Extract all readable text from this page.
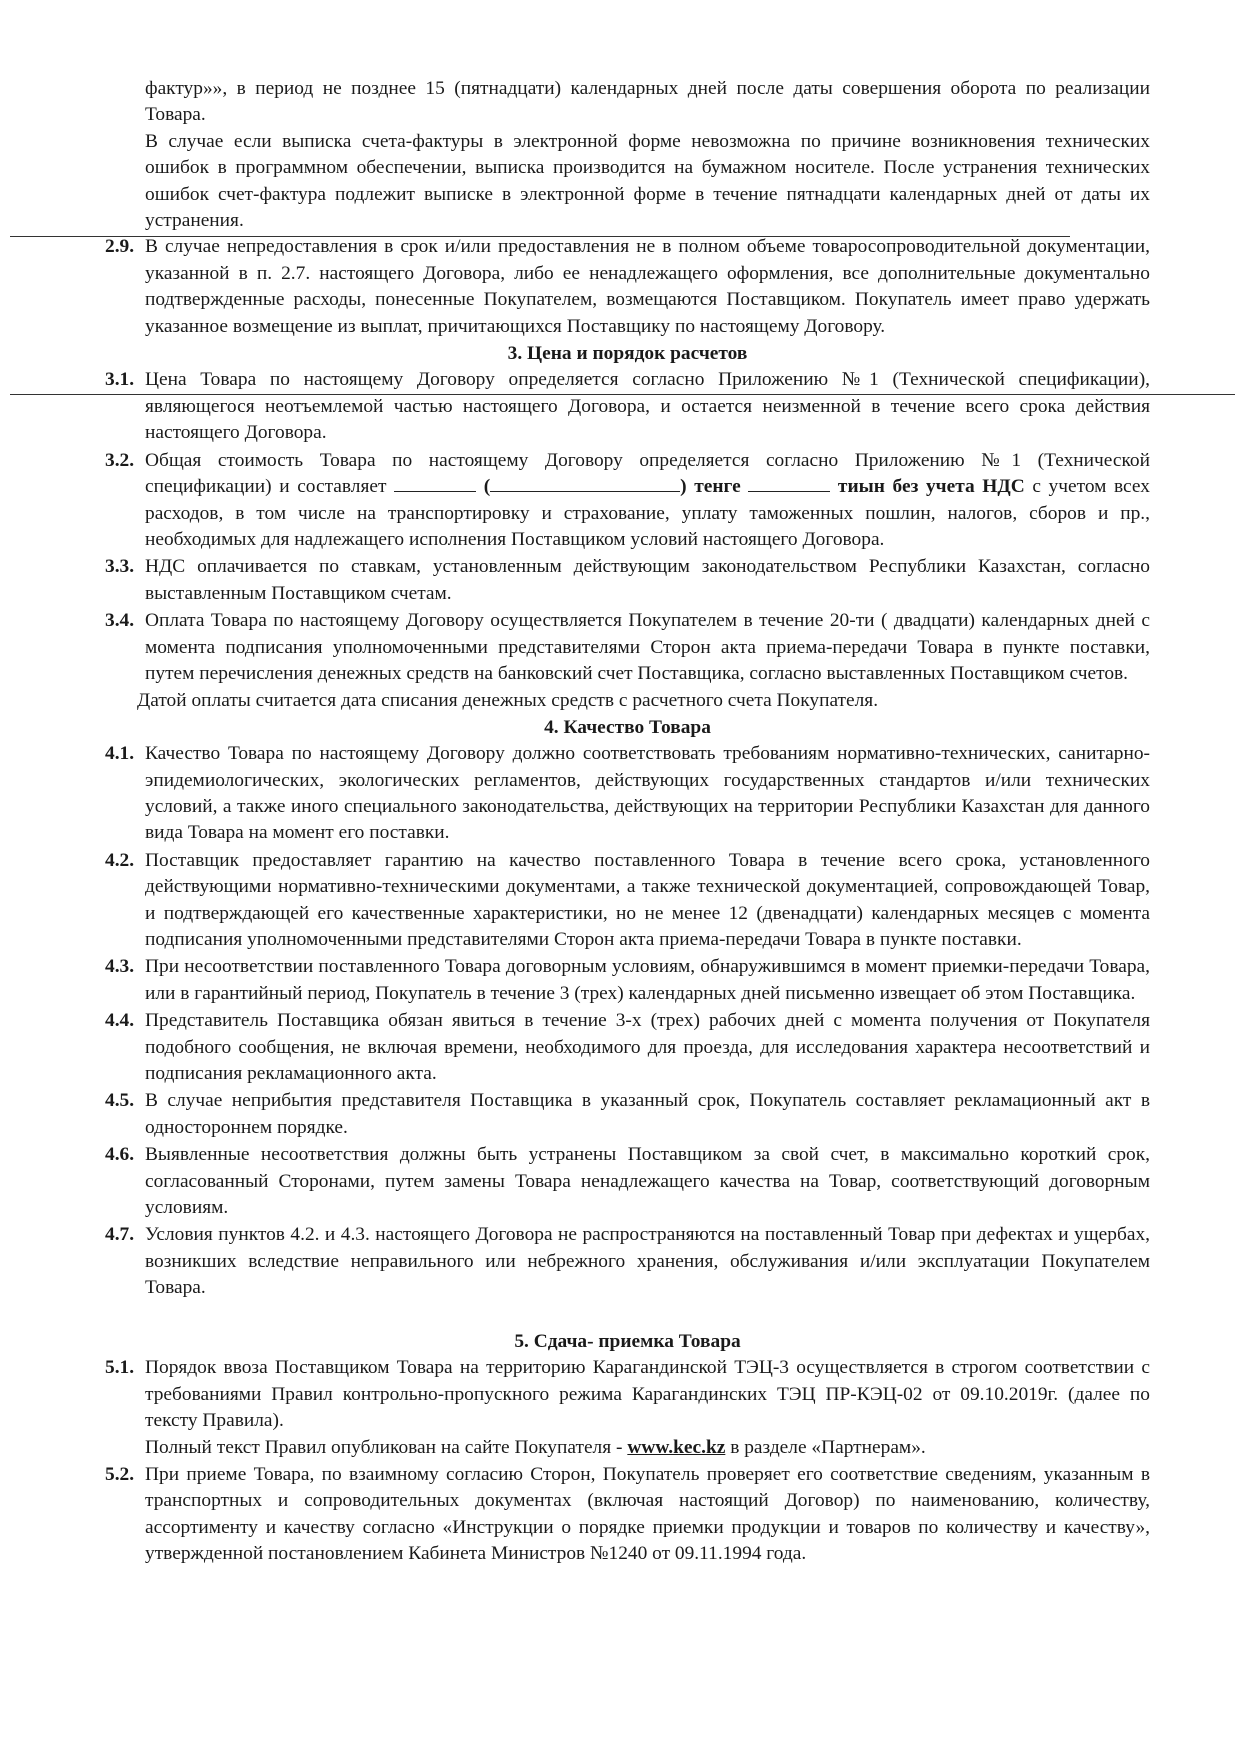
фактур»», в период не позднее 15 (пятнадцати) календарных дней после даты совершения оборота по реализации Товара.

В случае если выписка счета-фактуры в электронной форме невозможна по причине возникновения технических ошибок в программном обеспечении, выписка производится на бумажном носителе. После устранения технических ошибок счет-фактура подлежит выписке в электронной форме в течение пятнадцати календарных дней от даты их устранения.

2.9. В случае непредоставления в срок и/или предоставления не в полном объеме товаросопроводительной документации, указанной в п. 2.7. настоящего Договора, либо ее ненадлежащего оформления, все дополнительные документально подтвержденные расходы, понесенные Покупателем, возмещаются Поставщиком. Покупатель имеет право удержать указанное возмещение из выплат, причитающихся Поставщику по настоящему Договору.

3. Цена и порядок расчетов

3.1. Цена Товара по настоящему Договору определяется согласно Приложению №1 (Технической спецификации), являющегося неотъемлемой частью настоящего Договора, и остается неизменной в течение всего срока действия настоящего Договора.

3.2. Общая стоимость Товара по настоящему Договору определяется согласно Приложению №1 (Технической спецификации) и составляет	(	) тенге	тиын без учета НДС с учетом всех расходов, в том числе на транспортировку и страхование, уплату таможенных пошлин, налогов, сборов и пр., необходимых для надлежащего исполнения Поставщиком условий настоящего Договора.

3.3. НДС оплачивается по ставкам, установленным действующим законодательством Республики Казахстан, согласно выставленным Поставщиком счетам.

3.4. Оплата Товара по настоящему Договору осуществляется Покупателем в течение 20-ти ( двадцати) календарных дней с момента подписания уполномоченными представителями Сторон акта приема-передачи Товара в пункте поставки, путем перечисления денежных средств на банковский счет Поставщика, согласно выставленных Поставщиком счетов.

Датой оплаты считается дата списания денежных средств с расчетного счета Покупателя.

4. Качество Товара

4.1. Качество Товара по настоящему Договору должно соответствовать требованиям нормативно-технических, санитарно-эпидемиологических, экологических регламентов, действующих государственных стандартов и/или технических условий, а также иного специального законодательства, действующих на территории Республики Казахстан для данного вида Товара на момент его поставки.

4.2. Поставщик предоставляет гарантию на качество поставленного Товара в течение всего срока, установленного действующими нормативно-техническими документами, а также технической документацией, сопровождающей Товар, и подтверждающей его качественные характеристики, но не менее 12 (двенадцати) календарных месяцев с момента подписания уполномоченными представителями Сторон акта приема-передачи Товара в пункте поставки.

4.3. При несоответствии поставленного Товара договорным условиям, обнаружившимся в момент приемки-передачи Товара, или в гарантийный период, Покупатель в течение 3 (трех) календарных дней письменно извещает об этом Поставщика.

4.4. Представитель Поставщика обязан явиться в течение 3-х (трех) рабочих дней с момента получения от Покупателя подобного сообщения, не включая времени, необходимого для проезда, для исследования характера несоответствий и подписания рекламационного акта.

4.5. В случае неприбытия представителя Поставщика в указанный срок, Покупатель составляет рекламационный акт в одностороннем порядке.

4.6. Выявленные несоответствия должны быть устранены Поставщиком за свой счет, в максимально короткий срок, согласованный Сторонами, путем замены Товара ненадлежащего качества на Товар, соответствующий договорным условиям.

4.7. Условия пунктов 4.2. и 4.3. настоящего Договора не распространяются на поставленный Товар при дефектах и ущербах, возникших вследствие неправильного или небрежного хранения, обслуживания и/или эксплуатации Покупателем Товара.

5. Сдача- приемка Товара

5.1. Порядок ввоза Поставщиком Товара на территорию Карагандинской ТЭЦ-3 осуществляется в строгом соответствии с требованиями Правил контрольно-пропускного режима Карагандинских ТЭЦ ПР-КЭЦ-02 от 09.10.2019г. (далее по тексту Правила).

Полный текст Правил опубликован на сайте Покупателя - www.kec.kz в разделе «Партнерам».

5.2. При приеме Товара, по взаимному согласию Сторон, Покупатель проверяет его соответствие сведениям, указанным в транспортных и сопроводительных документах (включая настоящий Договор) по наименованию, количеству, ассортименту и качеству согласно «Инструкции о порядке приемки продукции и товаров по количеству и качеству», утвержденной постановлением Кабинета Министров №1240 от 09.11.1994 года.
